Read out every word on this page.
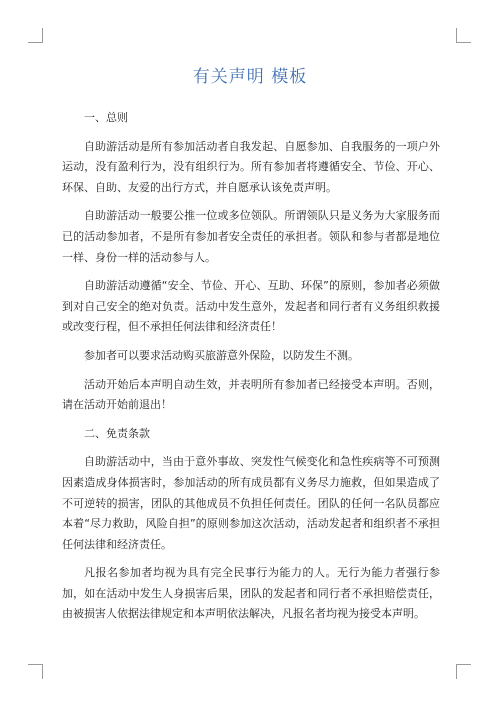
有关声明 模板
一、总则

自助游活动是所有参加活动者自我发起、自愿参加、自我服务的一项户外运动，没有盈利行为，没有组织行为。所有参加者将遵循安全、节俭、开心、环保、自助、友爱的出行方式，并自愿承认该免责声明。

自助游活动一般要公推一位或多位领队。所谓领队只是义务为大家服务而已的活动参加者，不是所有参加者安全责任的承担者。领队和参与者都是地位一样、身份一样的活动参与人。

自助游活动遵循“安全、节俭、开心、互助、环保”的原则，参加者必须做到对自己安全的绝对负责。活动中发生意外，发起者和同行者有义务组织救援或改变行程，但不承担任何法律和经济责任！

参加者可以要求活动购买旅游意外保险，以防发生不测。

活动开始后本声明自动生效，并表明所有参加者已经接受本声明。否则，请在活动开始前退出！

二、免责条款

自助游活动中，当由于意外事故、突发性气候变化和急性疾病等不可预测因素造成身体损害时，参加活动的所有成员都有义务尽力施救，但如果造成了不可逆转的损害，团队的其他成员不负担任何责任。团队的任何一名队员都应本着“尽力救助，风险自担”的原则参加这次活动，活动发起者和组织者不承担任何法律和经济责任。

凡报名参加者均视为具有完全民事行为能力的人。无行为能力者强行参加，如在活动中发生人身损害后果，团队的发起者和同行者不承担赔偿责任，由被损害人依据法律规定和本声明依法解决，凡报名者均视为接受本声明。
